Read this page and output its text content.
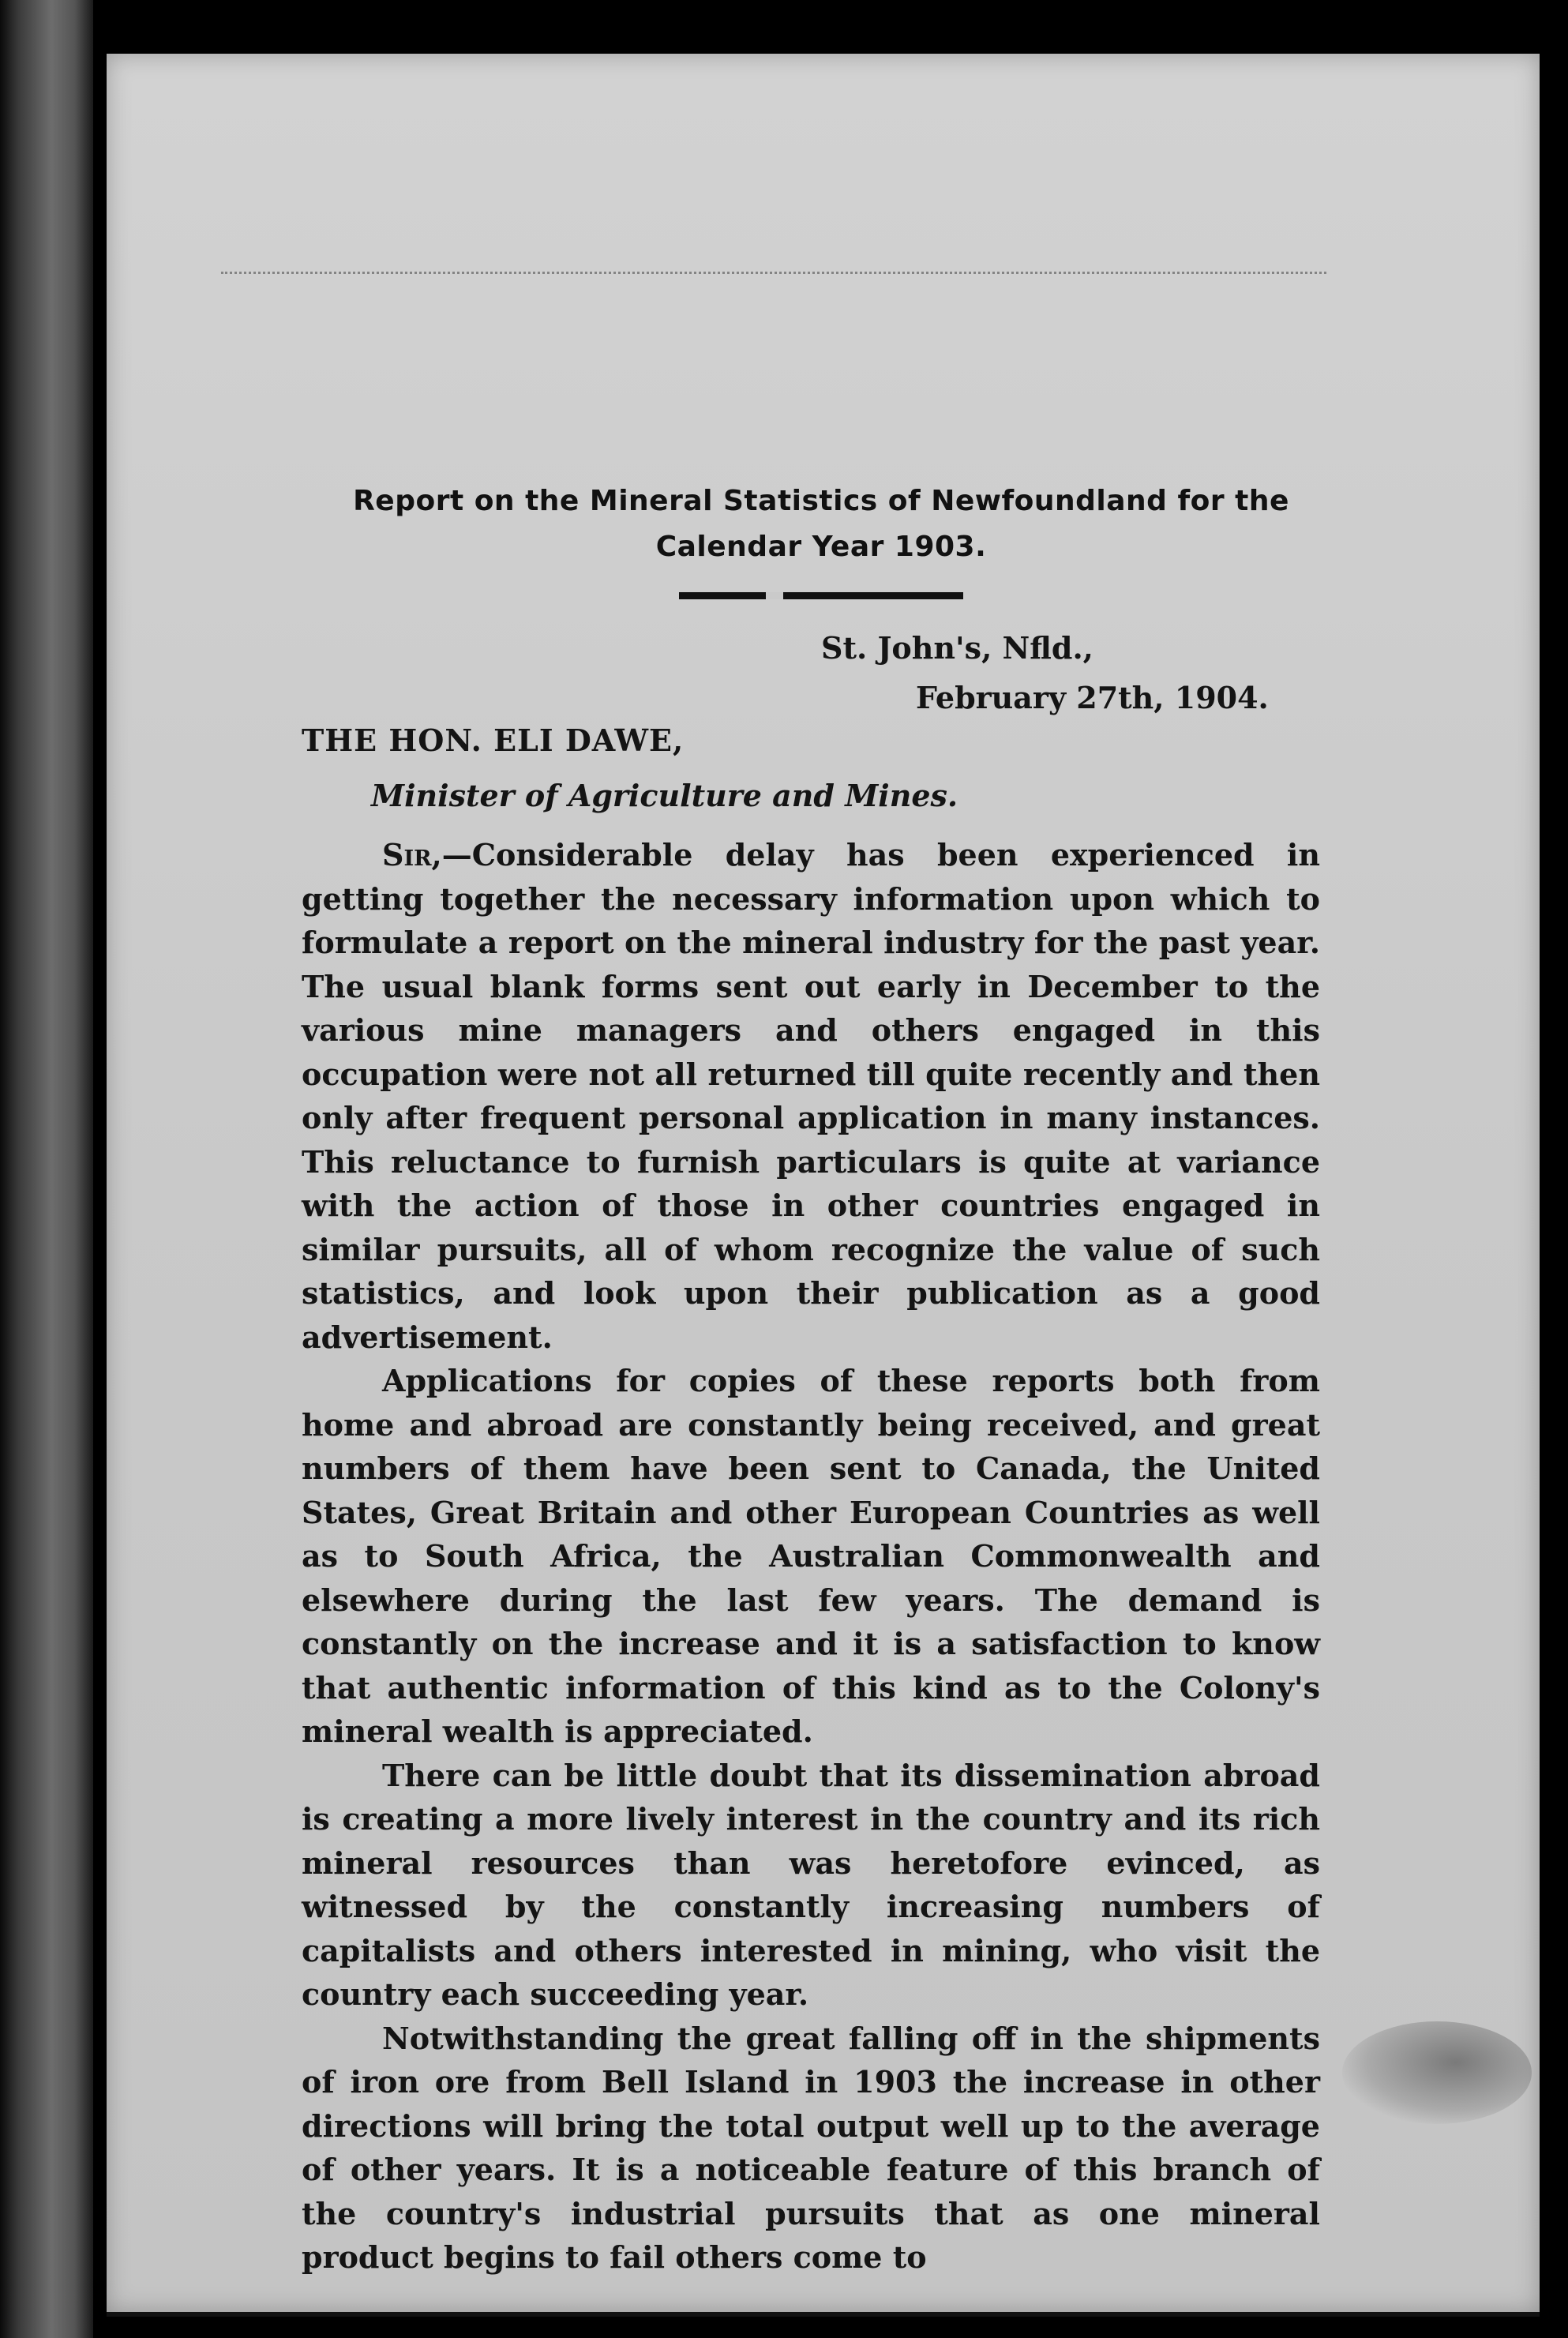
Report on the Mineral Statistics of Newfoundland for the
Calendar Year 1903.
St. John's, Nfld.,
February 27th, 1904.
THE HON. ELI DAWE,
Minister of Agriculture and Mines.

Sir,—Considerable delay has been experienced in getting together the necessary information upon which to formulate a report on the mineral industry for the past year. The usual blank forms sent out early in December to the various mine managers and others engaged in this occupation were not all returned till quite recently and then only after frequent personal application in many instances. This reluctance to furnish particulars is quite at variance with the action of those in other countries engaged in similar pursuits, all of whom recognize the value of such statistics, and look upon their publication as a good advertisement.

Applications for copies of these reports both from home and abroad are constantly being received, and great numbers of them have been sent to Canada, the United States, Great Britain and other European Countries as well as to South Africa, the Australian Commonwealth and elsewhere during the last few years. The demand is constantly on the increase and it is a satisfaction to know that authentic information of this kind as to the Colony's mineral wealth is appreciated.

There can be little doubt that its dissemination abroad is creating a more lively interest in the country and its rich mineral resources than was heretofore evinced, as witnessed by the constantly increasing numbers of capitalists and others interested in mining, who visit the country each succeeding year.

Notwithstanding the great falling off in the shipments of iron ore from Bell Island in 1903 the increase in other directions will bring the total output well up to the average of other years. It is a noticeable feature of this branch of the country's industrial pursuits that as one mineral product begins to fail others come to
